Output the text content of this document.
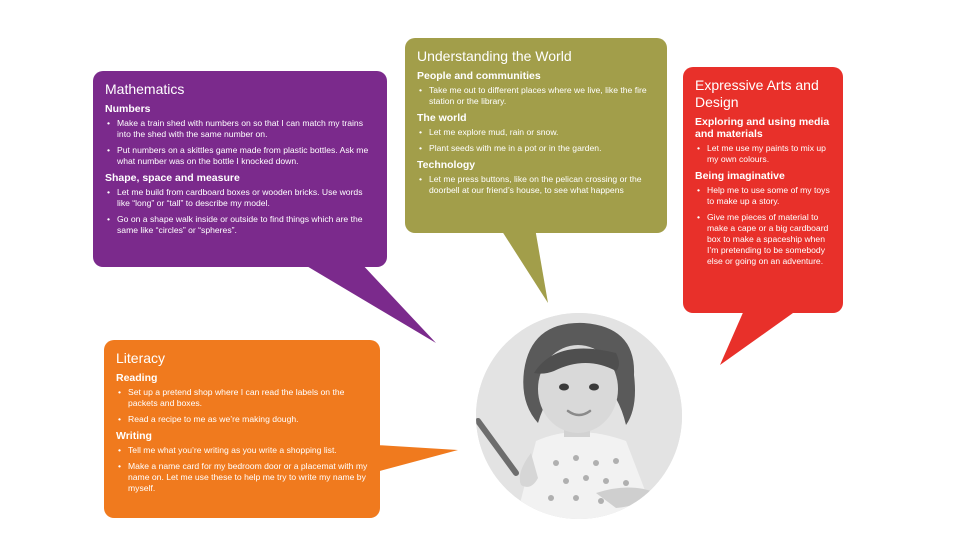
Mathematics
Numbers
• Make a train shed with numbers on so that I can match my trains into the shed with the same number on.
• Put numbers on a skittles game made from plastic bottles. Ask me what number was on the bottle I knocked down.
Shape, space and measure
• Let me build from cardboard boxes or wooden bricks. Use words like “long” or “tall” to describe my model.
• Go on a shape walk inside or outside to find things which are the same like “circles” or “spheres”.
Understanding the World
People and communities
• Take me out to different places where we live, like the fire station or the library.
The world
• Let me explore mud, rain or snow.
• Plant seeds with me in a pot or in the garden.
Technology
• Let me press buttons, like on the pelican crossing or the doorbell at our friend’s house, to see what happens
Expressive Arts and Design
Exploring and using media and materials
• Let me use my paints to mix up my own colours.
Being imaginative
• Help me to use some of my toys to make up a story.
• Give me pieces of material to make a cape or a big cardboard box to make a spaceship when I’m pretending to be somebody else or going on an adventure.
Literacy
Reading
• Set up a pretend shop where I can read the labels on the packets and boxes.
• Read a recipe to me as we’re making dough.
Writing
• Tell me what you’re writing as you write a shopping list.
• Make a name card for my bedroom door or a placemat with my name on. Let me use these to help me try to write my name by myself.
